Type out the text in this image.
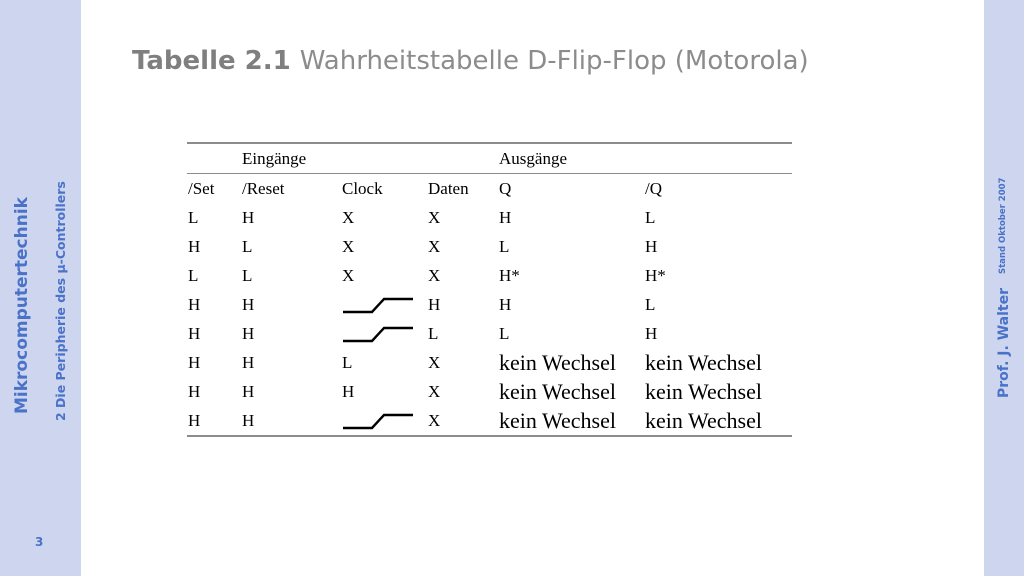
Mikrocomputertechnik 2 Die Peripherie des µ-Controllers
3
Prof. J. Walter
Stand Oktober 2007
Tabelle 2.1 Wahrheitstabelle D-Flip-Flop (Motorola)
	Eingänge			Ausgänge	
/Set	/Reset	Clock	Daten	Q	/Q
L	H	X	X	H	L
H	L	X	X	L	H
L	L	X	X	H*	H*
H	H		H	H	L
H	H		L	L	H
H	H	L	X	kein Wechsel	kein Wechsel
H	H	H	X	kein Wechsel	kein Wechsel
H	H		X	kein Wechsel	kein Wechsel
